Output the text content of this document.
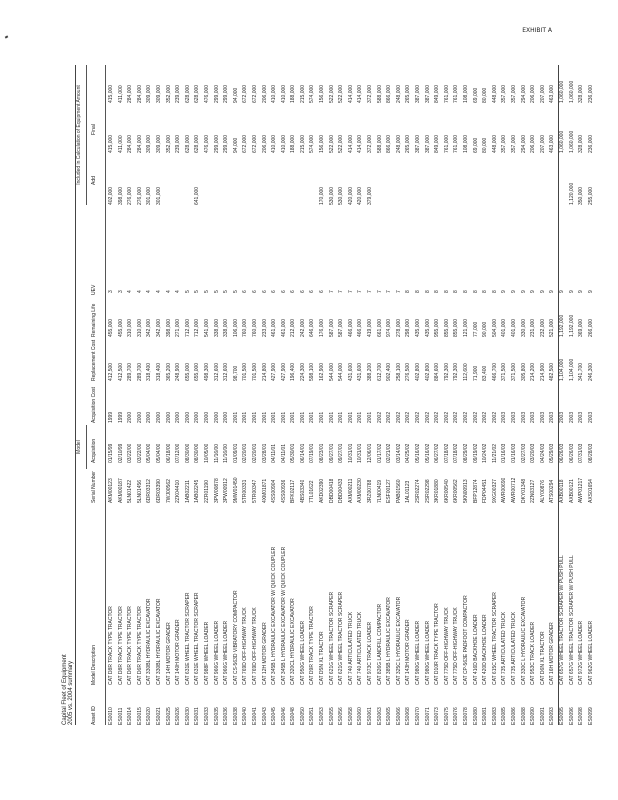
EXHIBIT A
Capital Fleet of Equipment 2005 vs. 2004 summary
Model
Included in Calculation of Equipment Amount
Asset ID
Model Description
Serial Number
Acquisition
Acquisition Cost
Replacement Cost
Remaining Life
UEV
Add
Final
ES0010
CAT D8R TRACK TYPE TRACTOR
AKM00123
01/15/99
1999
412,500
455,000
3
402,000
415,000
415,000
ES0011
CAT D8R TRACK TYPE TRACTOR
AKM00187
02/10/99
1999
412,500
455,000
3
398,000
411,000
411,000
ES0014
CAT D6R TRACK TYPE TRACTOR
5LN01422
03/22/00
2000
289,700
310,000
4
276,000
284,000
284,000
ES0015
CAT D6R TRACK TYPE TRACTOR
5LN01456
03/22/00
2000
289,700
310,000
4
276,000
284,000
284,000
ES0020
CAT 330BL HYDRAULIC EXCAVATOR
6DR03312
05/04/00
2000
318,400
342,000
4
301,000
309,000
309,000
ES0021
CAT 330BL HYDRAULIC EXCAVATOR
6DR03390
05/04/00
2000
318,400
342,000
4
301,000
309,000
309,000
ES0025
CAT 14H MOTOR GRADER
7WJ00562
06/18/00
2000
365,200
398,000
4
352,000
352,000
ES0026
CAT 140H MOTOR GRADER
2ZK04410
07/12/00
2000
248,900
271,000
4
239,000
239,000
ES0030
CAT 631E WHEEL TRACTOR SCRAPER
1AB02211
08/30/00
2000
655,000
712,000
5
628,000
628,000
ES0031
CAT 631E WHEEL TRACTOR SCRAPER
1AB02245
08/30/00
2000
655,000
712,000
5
641,000
628,000
628,000
ES0033
CAT 988F WHEEL LOADER
2ZR01190
10/05/00
2000
498,300
541,000
5
476,000
476,000
ES0035
CAT 966G WHEEL LOADER
3PW00878
11/16/00
2000
312,600
338,000
5
299,000
299,000
ES0036
CAT 966G WHEEL LOADER
3PW00912
11/16/00
2000
312,600
338,000
5
299,000
299,000
ES0038
CAT CS-563D VIBRATORY COMPACTOR
9MW01450
01/09/01
2001
98,700
106,000
5
94,000
94,000
ES0040
CAT 769D OFF-HIGHWAY TRUCK
5TR00331
02/20/01
2001
701,500
760,000
6
672,000
672,000
ES0041
CAT 769D OFF-HIGHWAY TRUCK
5TR00347
02/20/01
2001
701,500
760,000
6
672,000
672,000
ES0043
CAT 12H MOTOR GRADER
4XM01871
03/28/01
2001
214,800
233,000
6
206,000
206,000
ES0045
CAT 345B L HYDRAULIC EXCAVATOR W/ QUICK COUPLER
4SS00904
04/11/01
2001
427,900
461,000
6
410,000
410,000
ES0046
CAT 345B L HYDRAULIC EXCAVATOR W/ QUICK COUPLER
4SS00936
04/11/01
2001
427,900
461,000
6
410,000
410,000
ES0048
CAT 320CL HYDRAULIC EXCAVATOR
BFK02117
05/30/01
2001
196,400
212,000
6
188,000
188,000
ES0050
CAT 950G WHEEL LOADER
4BS03340
06/14/01
2001
224,300
242,000
6
215,000
215,000
ES0051
CAT D9R TRACK TYPE TRACTOR
7TL01622
07/19/01
2001
598,100
646,000
6
574,000
574,000
ES0053
CAT D5N XL TRACTOR
AKD02390
08/23/01
2001
162,900
176,000
6
170,000
156,000
156,000
ES0055
CAT 621G WHEEL TRACTOR SCRAPER
DBD00418
09/27/01
2001
544,000
587,000
7
530,000
522,000
522,000
ES0056
CAT 621G WHEEL TRACTOR SCRAPER
DBD00433
09/27/01
2001
544,000
587,000
7
530,000
522,000
522,000
ES0058
CAT 740 ARTICULATED TRUCK
AXM00211
10/31/01
2001
431,600
466,000
7
420,000
414,000
414,000
ES0060
CAT 740 ARTICULATED TRUCK
AXM00230
10/31/01
2001
431,600
466,000
7
420,000
414,000
414,000
ES0061
CAT 973C TRACK LOADER
3RZ00788
12/06/01
2001
388,200
419,000
7
379,000
372,000
372,000
ES0063
CAT 826G LANDFILL COMPACTOR
7LN00419
01/17/02
2002
612,700
661,000
7
588,000
588,000
ES0065
CAT 385B L HYDRAULIC EXCAVATOR
ESF00127
02/21/02
2002
902,400
974,000
7
866,000
866,000
ES0066
CAT 325C L HYDRAULIC EXCAVATOR
PAB01560
03/14/02
2002
258,100
278,000
7
248,000
248,000
ES0068
CAT 143H MOTOR GRADER
1AL01123
04/25/02
2002
276,500
298,000
8
265,000
265,000
ES0070
CAT 980G WHEEL LOADER
2SR02274
05/16/02
2002
402,800
435,000
8
387,000
387,000
ES0071
CAT 980G WHEEL LOADER
2SR02298
05/16/02
2002
402,800
435,000
8
387,000
387,000
ES0073
CAT D10R TRACK TYPE TRACTOR
3KR01880
06/27/02
2002
884,600
955,000
8
849,000
849,000
ES0075
CAT 775D OFF-HIGHWAY TRUCK
6KR00540
07/18/02
2002
792,300
855,000
8
761,000
761,000
ES0076
CAT 775D OFF-HIGHWAY TRUCK
6KR00562
07/18/02
2002
792,300
855,000
8
761,000
761,000
ES0078
CAT CP-563E PADFOOT COMPACTOR
5KN00913
08/29/02
2002
112,600
121,000
8
108,000
108,000
ES0080
CAT 416D BACKHOE LOADER
BFP12874
09/19/02
2002
71,900
77,000
8
69,000
69,000
ES0081
CAT 420D BACKHOE LOADER
FDP04451
10/24/02
2002
83,400
90,000
8
80,000
80,000
ES0083
CAT 615C WHEEL TRACTOR SCRAPER
9XG00327
11/21/02
2002
466,700
504,000
8
448,000
448,000
ES0085
CAT 735 ARTICULATED TRUCK
AWR00690
01/16/03
2003
371,500
401,000
9
357,000
357,000
ES0086
CAT 735 ARTICULATED TRUCK
AWR00712
01/16/03
2003
371,500
401,000
9
357,000
357,000
ES0088
CAT 330C L HYDRAULIC EXCAVATOR
DKY01348
02/27/03
2003
305,800
330,000
9
294,000
294,000
ES0090
CAT 953C TRACK LOADER
2ZN03127
03/20/03
2003
214,200
231,000
9
206,000
206,000
ES0091
CAT D6N XL TRACTOR
ALY00876
04/24/03
2003
214,900
232,000
9
207,000
207,000
ES0093
CAT 16H MOTOR GRADER
ATS00294
05/29/03
2003
482,500
521,000
9
463,000
463,000
ES0095
CAT 657G WHEEL TRACTOR SCRAPER W/ PUSH PULL
AXB00118
06/26/03
2003
1,104,000
1,192,000
9
1,060,000
1,060,000
ES0096
CAT 657G WHEEL TRACTOR SCRAPER W/ PUSH PULL
AXB00121
06/26/03
2003
1,104,000
1,192,000
9
1,120,000
1,060,000
1,060,000
ES0098
CAT 972G WHEEL LOADER
AWP01217
07/31/03
2003
341,700
369,000
9
350,000
328,000
328,000
ES0099
CAT 962G WHEEL LOADER
AXS01654
08/28/03
2003
246,300
266,000
9
255,000
236,000
236,000
